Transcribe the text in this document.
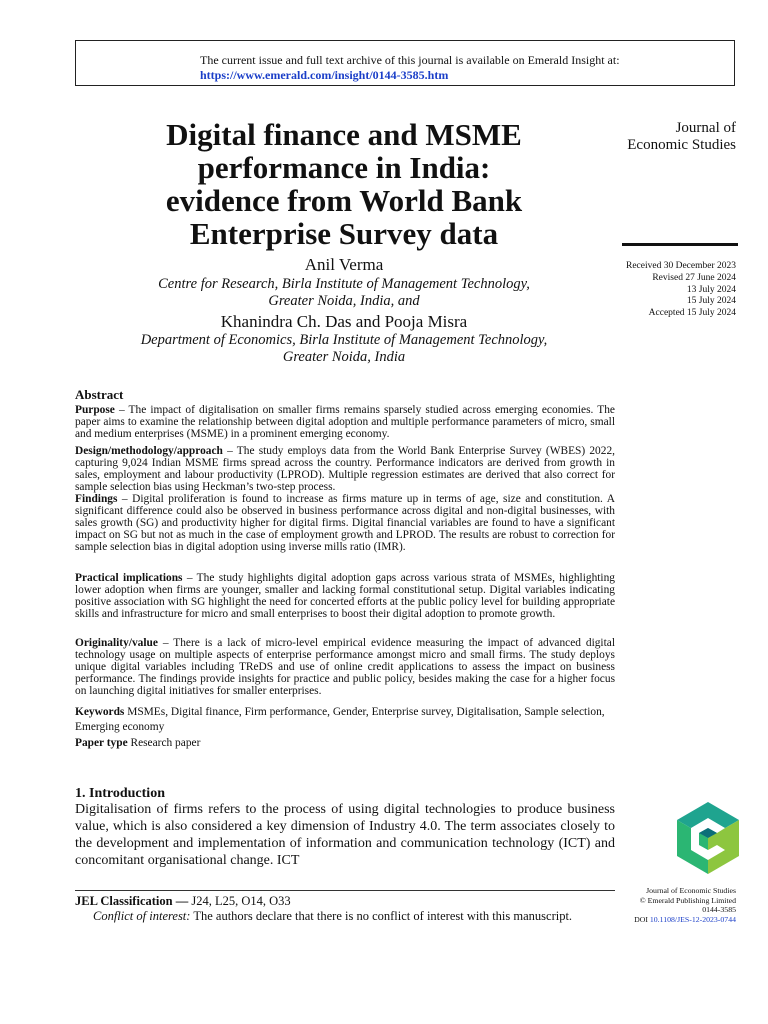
The current issue and full text archive of this journal is available on Emerald Insight at:
https://www.emerald.com/insight/0144-3585.htm
Digital finance and MSME
performance in India:
evidence from World Bank
Enterprise Survey data
Journal of
Economic Studies
Received 30 December 2023
Revised 27 June 2024
13 July 2024
15 July 2024
Accepted 15 July 2024
Anil Verma
Centre for Research, Birla Institute of Management Technology,
Greater Noida, India, and
Khanindra Ch. Das and Pooja Misra
Department of Economics, Birla Institute of Management Technology,
Greater Noida, India
Abstract
Purpose – The impact of digitalisation on smaller firms remains sparsely studied across emerging economies. The paper aims to examine the relationship between digital adoption and multiple performance parameters of micro, small and medium enterprises (MSME) in a prominent emerging economy.
Design/methodology/approach – The study employs data from the World Bank Enterprise Survey (WBES) 2022, capturing 9,024 Indian MSME firms spread across the country. Performance indicators are derived from growth in sales, employment and labour productivity (LPROD). Multiple regression estimates are derived that also correct for sample selection bias using Heckman’s two-step process.
Findings – Digital proliferation is found to increase as firms mature up in terms of age, size and constitution. A significant difference could also be observed in business performance across digital and non-digital businesses, with sales growth (SG) and productivity higher for digital firms. Digital financial variables are found to have a significant impact on SG but not as much in the case of employment growth and LPROD. The results are robust to correction for sample selection bias in digital adoption using inverse mills ratio (IMR).
Practical implications – The study highlights digital adoption gaps across various strata of MSMEs, highlighting lower adoption when firms are younger, smaller and lacking formal constitutional setup. Digital variables indicating positive association with SG highlight the need for concerted efforts at the public policy level for building appropriate skills and infrastructure for micro and small enterprises to boost their digital adoption to promote growth.
Originality/value – There is a lack of micro-level empirical evidence measuring the impact of advanced digital technology usage on multiple aspects of enterprise performance amongst micro and small firms. The study deploys unique digital variables including TReDS and use of online credit applications to assess the impact on business performance. The findings provide insights for practice and public policy, besides making the case for a higher focus on launching digital initiatives for smaller enterprises.
Keywords MSMEs, Digital finance, Firm performance, Gender, Enterprise survey, Digitalisation, Sample selection, Emerging economy
Paper type Research paper
1. Introduction
Digitalisation of firms refers to the process of using digital technologies to produce business value, which is also considered a key dimension of Industry 4.0. The term associates closely to the development and implementation of information and communication technology (ICT) and concomitant organisational change. ICT
JEL Classification — J24, L25, O14, O33
Conflict of interest: The authors declare that there is no conflict of interest with this manuscript.
Journal of Economic Studies
© Emerald Publishing Limited
0144-3585
DOI 10.1108/JES-12-2023-0744
